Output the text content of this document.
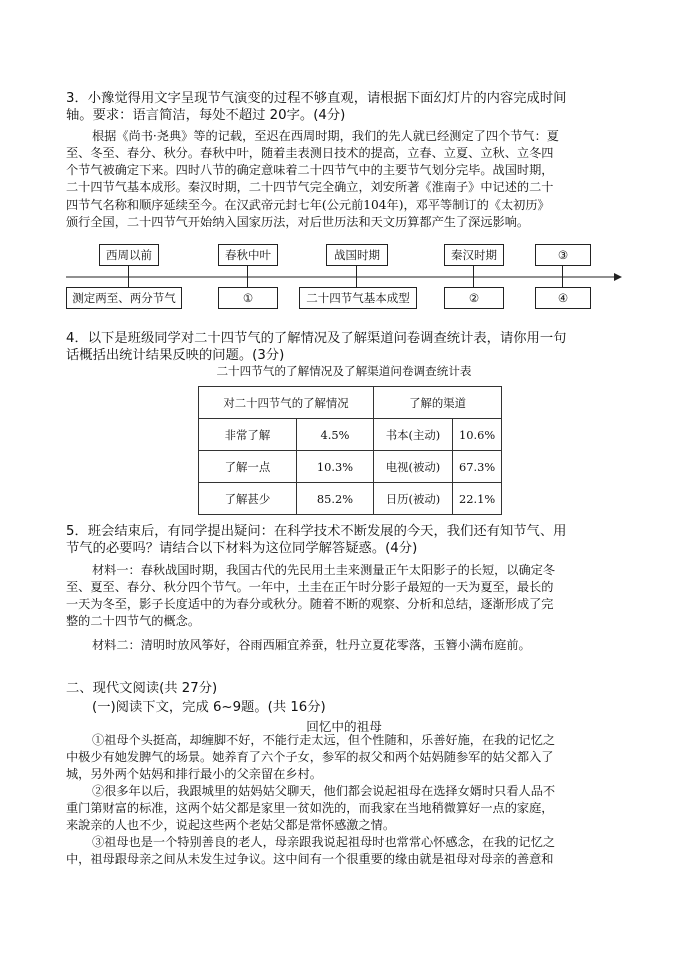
3．小豫觉得用文字呈现节气演变的过程不够直观，请根据下面幻灯片的内容完成时间
轴。要求：语言简洁，每处不超过 20字。(4分)
根据《尚书·尧典》等的记载，至迟在西周时期，我们的先人就已经测定了四个节气：夏
至、冬至、春分、秋分。春秋中叶，随着圭表测日技术的提高，立春、立夏、立秋、立冬四
个节气被确定下来。四时八节的确定意味着二十四节气中的主要节气划分完毕。战国时期，
二十四节气基本成形。秦汉时期，二十四节气完全确立，刘安所著《淮南子》中记述的二十
四节气名称和顺序延续至今。在汉武帝元封七年(公元前104年)，邓平等制订的《太初历》
颁行全国，二十四节气开始纳入国家历法，对后世历法和天文历算都产生了深远影响。
西周以前	春秋中叶	战国时期	秦汉时期	③
测定两至、两分节气	①	二十四节气基本成型	②	④
4．以下是班级同学对二十四节气的了解情况及了解渠道问卷调查统计表，请你用一句
话概括出统计结果反映的问题。(3分)
二十四节气的了解情况及了解渠道问卷调查统计表
对二十四节气的了解情况		了解的渠道	
非常了解	4.5%	书本(主动)	10.6%
了解一点	10.3%	电视(被动)	67.3%
了解甚少	85.2%	日历(被动)	22.1%
5．班会结束后，有同学提出疑问：在科学技术不断发展的今天，我们还有知节气、用
节气的必要吗？请结合以下材料为这位同学解答疑惑。(4分)
材料一：春秋战国时期，我国古代的先民用土圭来测量正午太阳影子的长短，以确定冬
至、夏至、春分、秋分四个节气。一年中，土圭在正午时分影子最短的一天为夏至，最长的
一天为冬至，影子长度适中的为春分或秋分。随着不断的观察、分析和总结，逐渐形成了完
整的二十四节气的概念。
材料二：清明时放风筝好，谷雨西厢宜养蚕，牡丹立夏花零落，玉簪小满布庭前。
二、现代文阅读(共 27分)
(一)阅读下文，完成 6~9题。(共 16分)
回忆中的祖母
①祖母个头挺高，却缠脚不好，不能行走太远，但个性随和，乐善好施，在我的记忆之
中极少有她发脾气的场景。她养育了六个子女，参军的叔父和两个姑妈随参军的姑父都入了
城，另外两个姑妈和排行最小的父亲留在乡村。
②很多年以后，我跟城里的姑妈姑父聊天，他们都会说起祖母在选择女婿时只看人品不
重门第财富的标准，这两个姑父都是家里一贫如洗的，而我家在当地稍微算好一点的家庭，
来說亲的人也不少，说起这些两个老姑父都是常怀感激之情。
③祖母也是一个特别善良的老人，母亲跟我说起祖母时也常常心怀感念，在我的记忆之
中，祖母跟母亲之间从未发生过争议。这中间有一个很重要的缘由就是祖母对母亲的善意和
